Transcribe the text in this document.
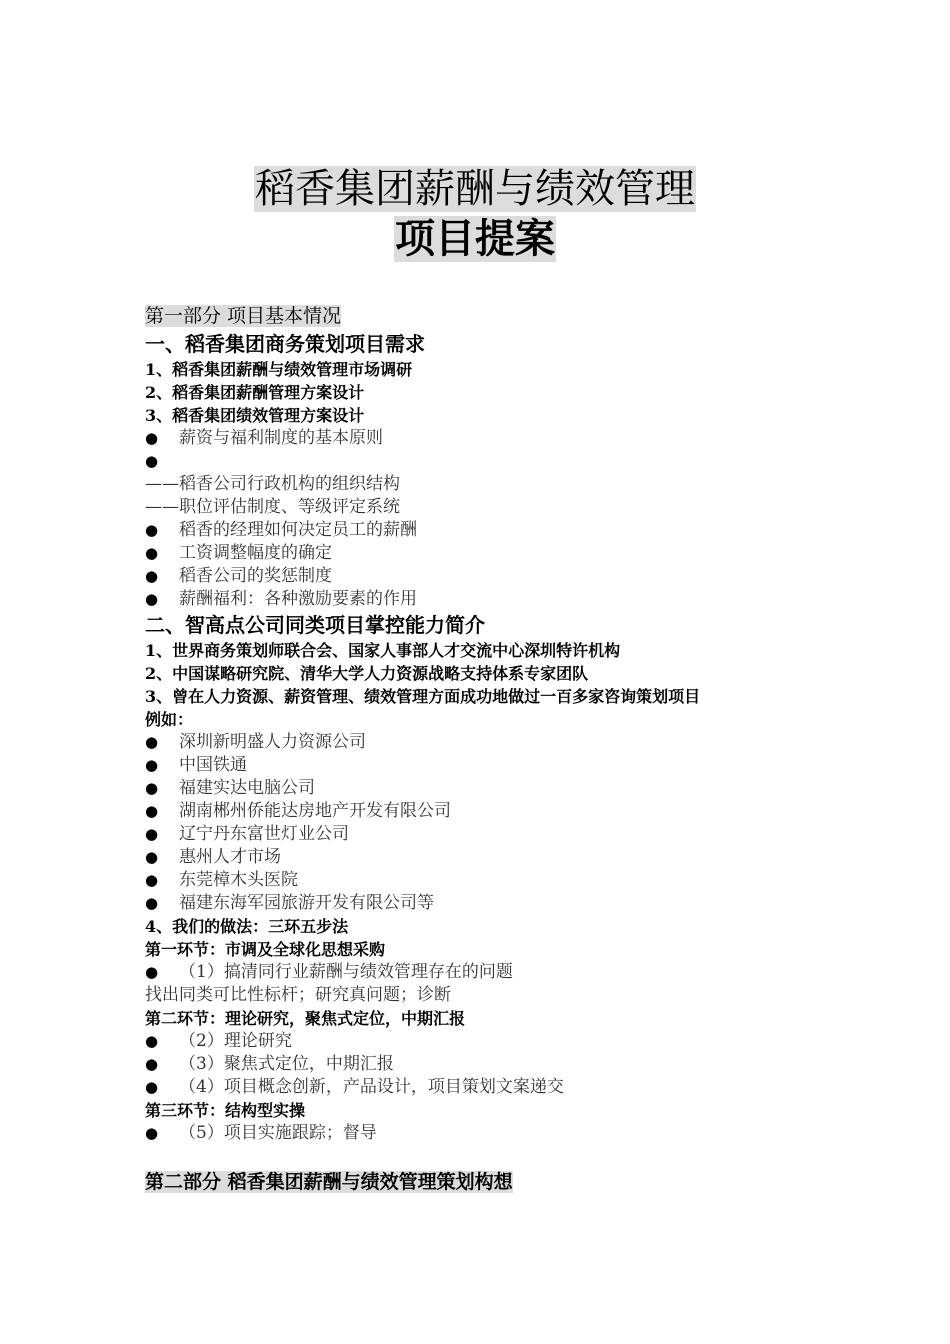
稻香集团薪酬与绩效管理
项目提案
第一部分 项目基本情况
一、稻香集团商务策划项目需求
1、稻香集团薪酬与绩效管理市场调研
2、稻香集团薪酬管理方案设计
3、稻香集团绩效管理方案设计
● 薪资与福利制度的基本原则
●
——稻香公司行政机构的组织结构
——职位评估制度、等级评定系统
● 稻香的经理如何决定员工的薪酬
● 工资调整幅度的确定
● 稻香公司的奖惩制度
● 薪酬福利：各种激励要素的作用
二、智高点公司同类项目掌控能力简介
1、世界商务策划师联合会、国家人事部人才交流中心深圳特许机构
2、中国谋略研究院、清华大学人力资源战略支持体系专家团队
3、曾在人力资源、薪资管理、绩效管理方面成功地做过一百多家咨询策划项目
例如：
● 深圳新明盛人力资源公司
● 中国铁通
● 福建实达电脑公司
● 湖南郴州侨能达房地产开发有限公司
● 辽宁丹东富世灯业公司
● 惠州人才市场
● 东莞樟木头医院
● 福建东海军园旅游开发有限公司等
4、我们的做法：三环五步法
第一环节：市调及全球化思想采购
● （1）搞清同行业薪酬与绩效管理存在的问题
找出同类可比性标杆；研究真问题；诊断
第二环节：理论研究，聚焦式定位，中期汇报
● （2）理论研究
● （3）聚焦式定位，中期汇报
● （4）项目概念创新，产品设计，项目策划文案递交
第三环节：结构型实操
● （5）项目实施跟踪；督导
第二部分 稻香集团薪酬与绩效管理策划构想
